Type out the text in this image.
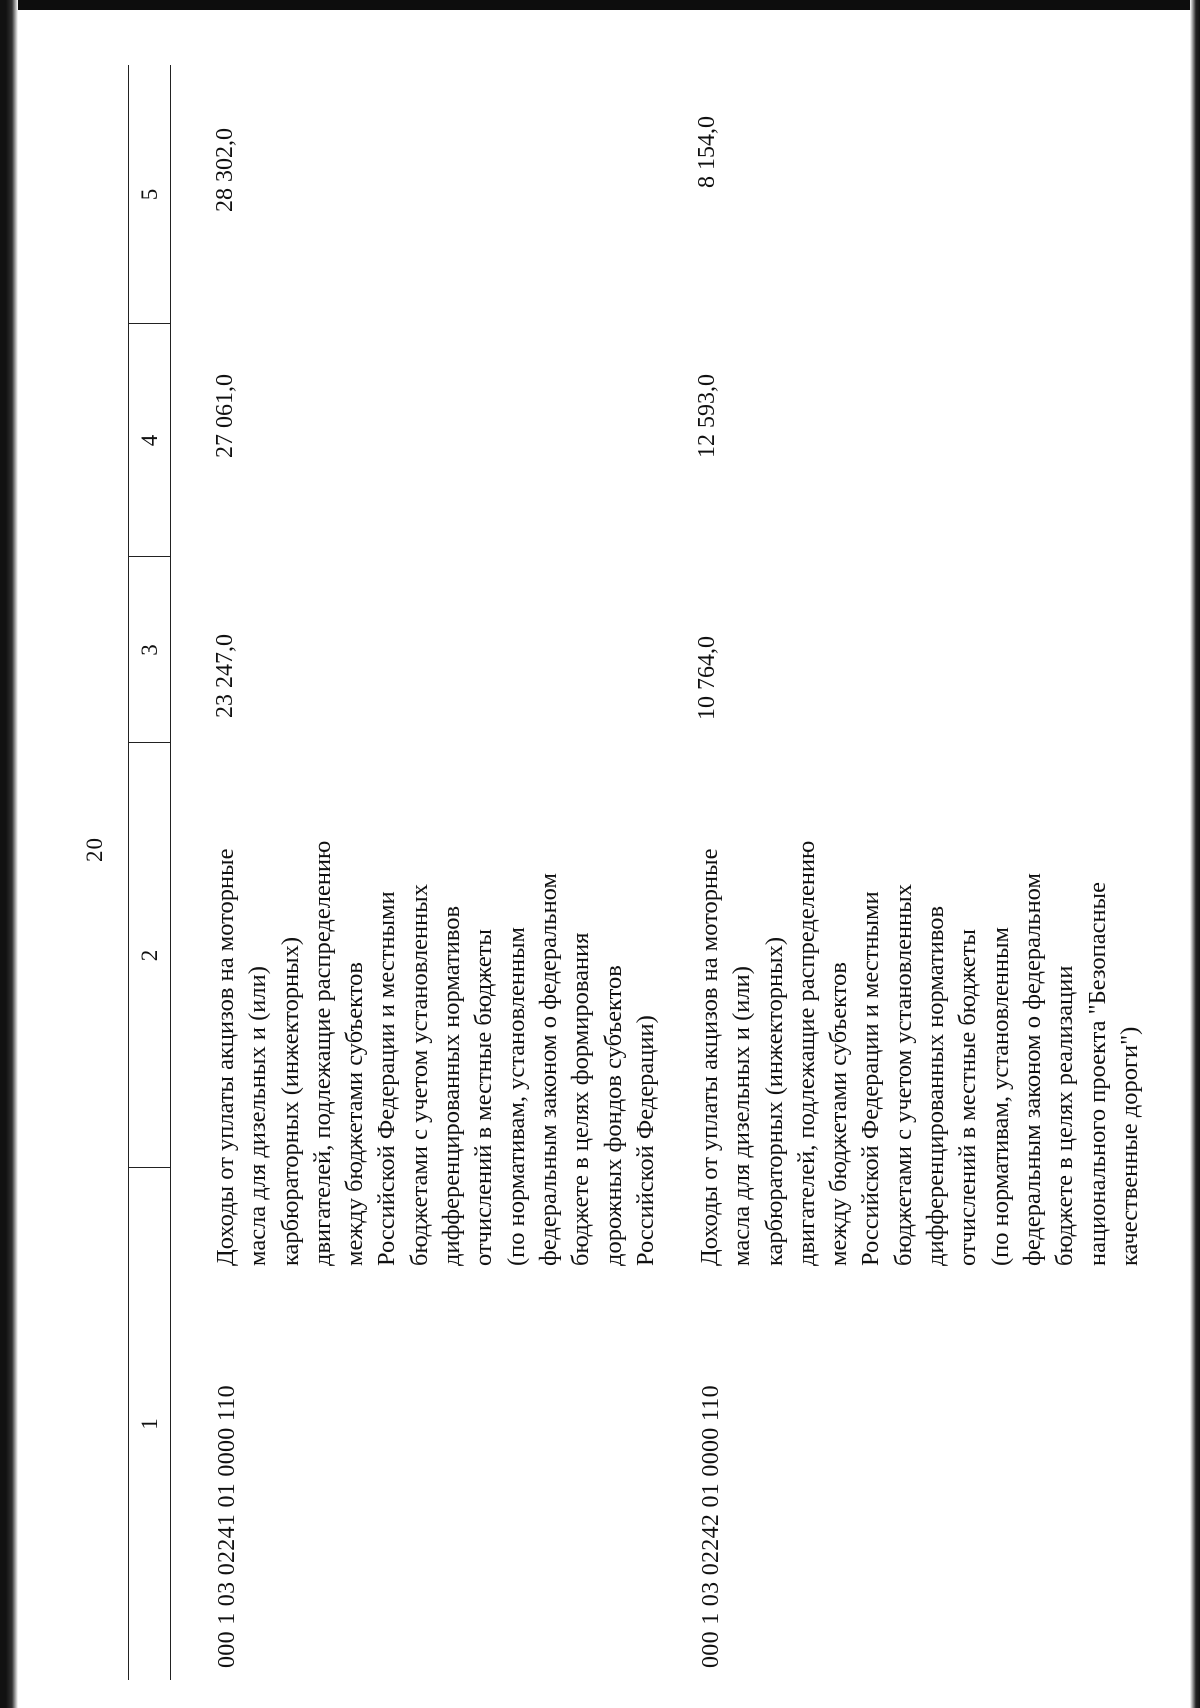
20
1
2
3
4
5
000 1 03 02241 01 0000 110
Доходы от уплаты акцизов на моторные
масла для дизельных и (или)
карбюраторных (инжекторных)
двигателей, подлежащие распределению
между бюджетами субъектов
Российской Федерации и местными
бюджетами с учетом установленных
дифференцированных нормативов
отчислений в местные бюджеты
(по нормативам, установленным
федеральным законом о федеральном
бюджете в целях формирования
дорожных фондов субъектов
Российской Федерации)
23 247,0
27 061,0
28 302,0
000 1 03 02242 01 0000 110
Доходы от уплаты акцизов на моторные
масла для дизельных и (или)
карбюраторных (инжекторных)
двигателей, подлежащие распределению
между бюджетами субъектов
Российской Федерации и местными
бюджетами с учетом установленных
дифференцированных нормативов
отчислений в местные бюджеты
(по нормативам, установленным
федеральным законом о федеральном
бюджете в целях реализации
национального проекта "Безопасные
качественные дороги")
10 764,0
12 593,0
8 154,0
